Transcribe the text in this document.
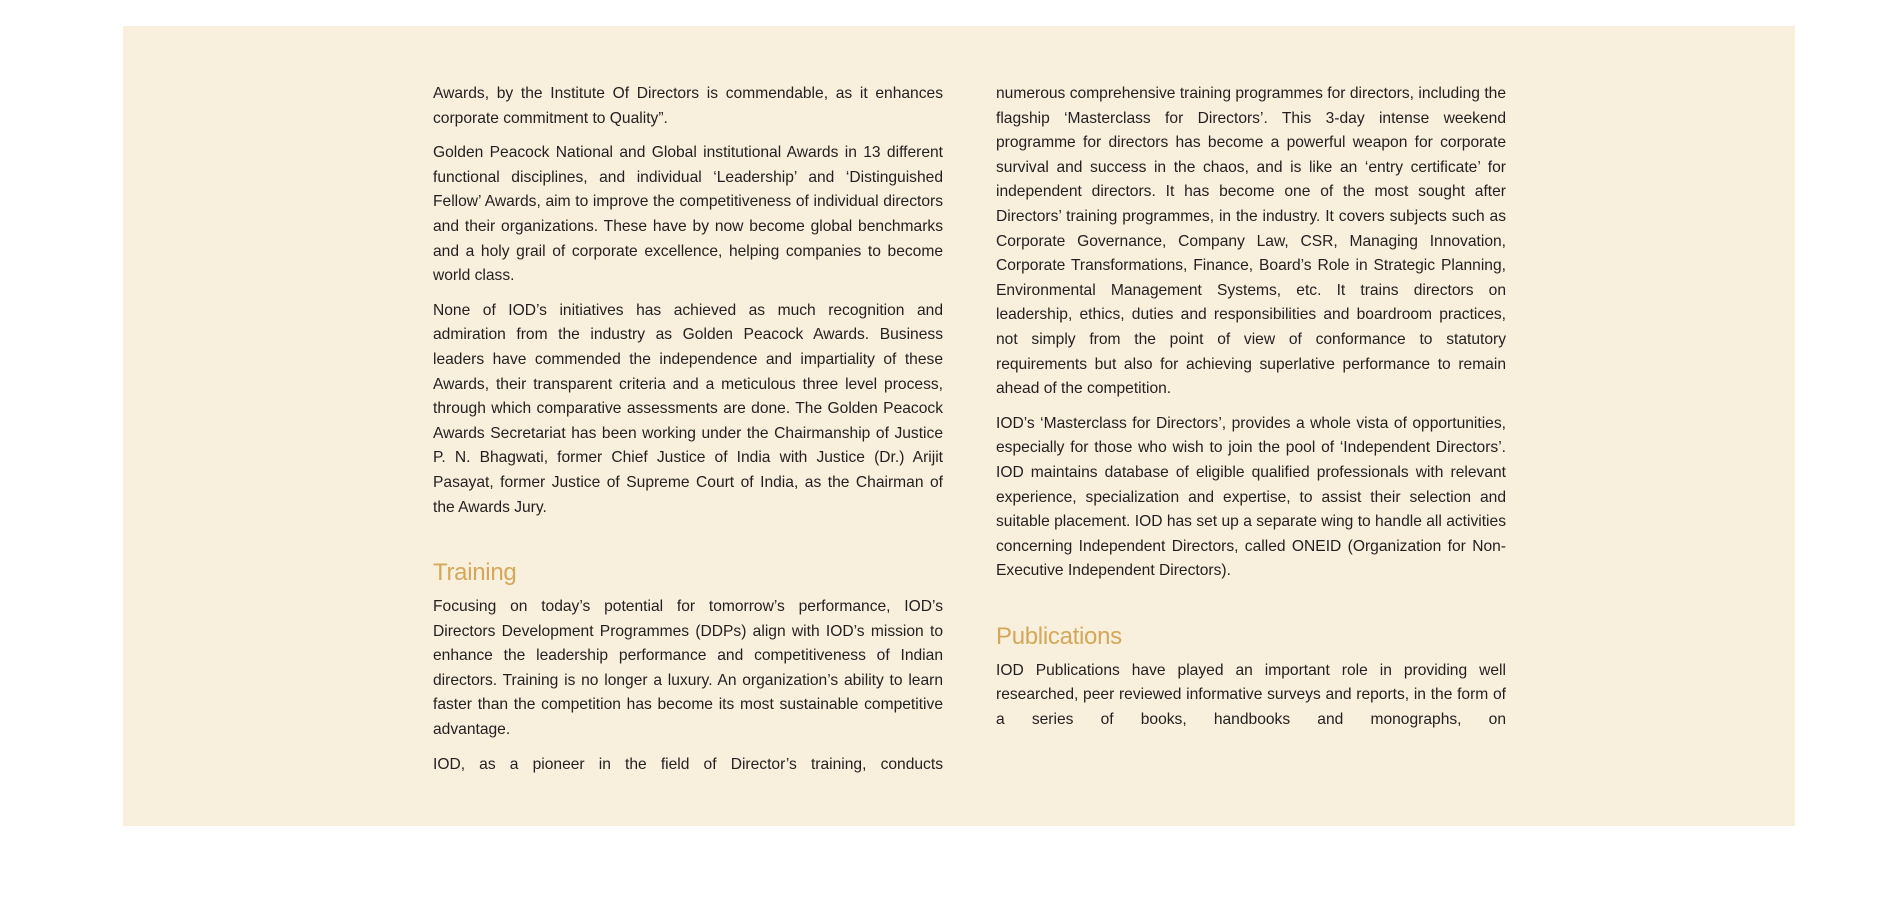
Awards, by the Institute Of Directors is commendable, as it enhances corporate commitment to Quality”.

Golden Peacock National and Global institutional Awards in 13 different functional disciplines, and individual ‘Leadership’ and ‘Distinguished Fellow’ Awards, aim to improve the competitiveness of individual directors and their organizations. These have by now become global benchmarks and a holy grail of corporate excellence, helping companies to become world class.

None of IOD’s initiatives has achieved as much recognition and admiration from the industry as Golden Peacock Awards. Business leaders have commended the independence and impartiality of these Awards, their transparent criteria and a meticulous three level process, through which comparative assessments are done. The Golden Peacock Awards Secretariat has been working under the Chairmanship of Justice P. N. Bhagwati, former Chief Justice of India with Justice (Dr.) Arijit Pasayat, former Justice of Supreme Court of India, as the Chairman of the Awards Jury.

Training

Focusing on today’s potential for tomorrow’s performance, IOD’s Directors Development Programmes (DDPs) align with IOD’s mission to enhance the leadership performance and competitiveness of Indian directors. Training is no longer a luxury. An organization’s ability to learn faster than the competition has become its most sustainable competitive advantage.

IOD, as a pioneer in the field of Director’s training, conducts

numerous comprehensive training programmes for directors, including the flagship ‘Masterclass for Directors’. This 3-day intense weekend programme for directors has become a powerful weapon for corporate survival and success in the chaos, and is like an ‘entry certificate’ for independent directors. It has become one of the most sought after Directors’ training programmes, in the industry. It covers subjects such as Corporate Governance, Company Law, CSR, Managing Innovation, Corporate Transformations, Finance, Board’s Role in Strategic Planning, Environmental Management Systems, etc. It trains directors on leadership, ethics, duties and responsibilities and boardroom practices, not simply from the point of view of conformance to statutory requirements but also for achieving superlative performance to remain ahead of the competition.

IOD’s ‘Masterclass for Directors’, provides a whole vista of opportunities, especially for those who wish to join the pool of ‘Independent Directors’. IOD maintains database of eligible qualified professionals with relevant experience, specialization and expertise, to assist their selection and suitable placement. IOD has set up a separate wing to handle all activities concerning Independent Directors, called ONEID (Organization for Non-Executive Independent Directors).

Publications

IOD Publications have played an important role in providing well researched, peer reviewed informative surveys and reports, in the form of a series of books, handbooks and monographs, on
